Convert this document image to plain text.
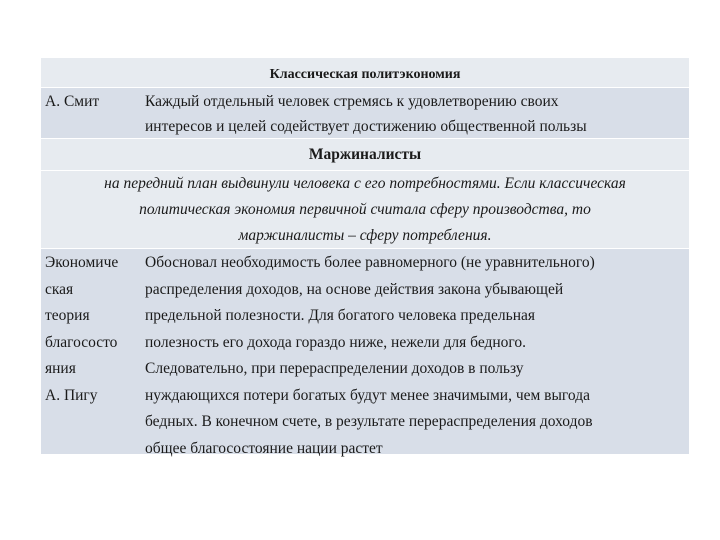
Классическая политэкономия
А. Смит	Каждый отдельный человек стремясь к удовлетворению своих
интересов и целей содействует достижению общественной пользы
Маржиналисты
на передний план выдвинули человека с его потребностями. Если классическая
политическая экономия первичной считала сферу производства, то
маржиналисты – сферу потребления.
Экономиче
ская
теория
благососто
яния
А. Пигу
Обосновал необходимость более равномерного (не уравнительного)
распределения доходов, на основе действия закона убывающей
предельной полезности. Для богатого человека предельная
полезность его дохода гораздо ниже, нежели для бедного.
Следовательно, при перераспределении доходов в пользу
нуждающихся потери богатых будут менее значимыми, чем выгода
бедных. В конечном счете, в результате перераспределения доходов
общее благосостояние нации растет
